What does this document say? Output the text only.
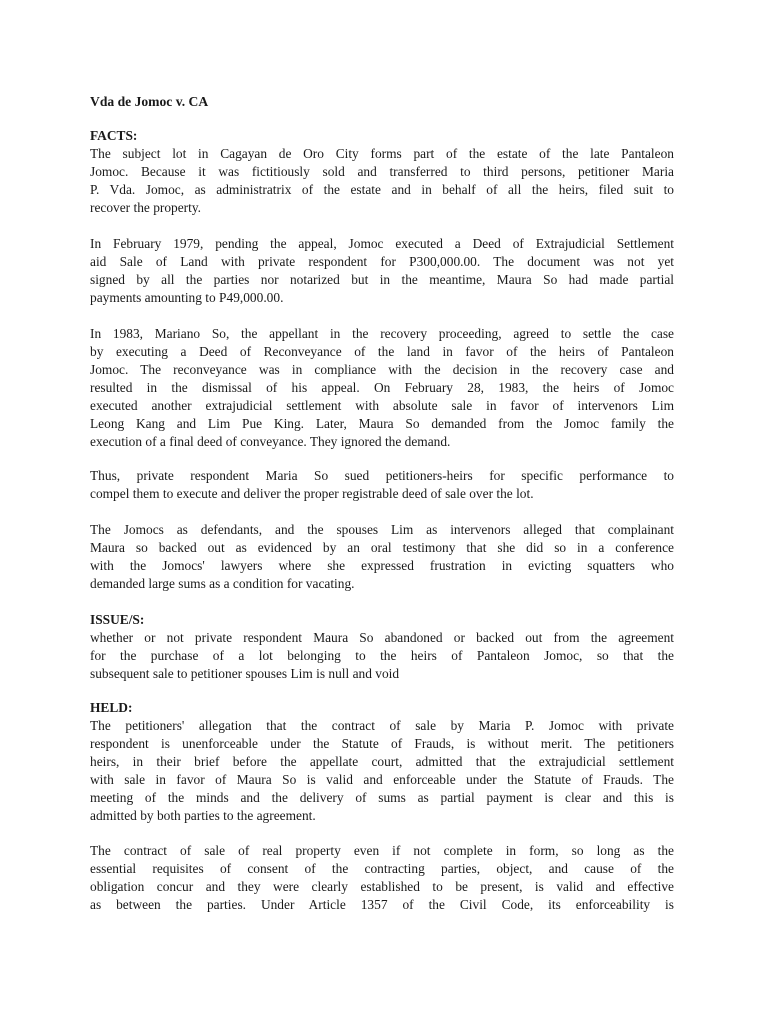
Vda de Jomoc v. CA
FACTS:
The subject lot in Cagayan de Oro City forms part of the estate of the late Pantaleon
Jomoc. Because it was fictitiously sold and transferred to third persons, petitioner Maria
P. Vda. Jomoc, as administratrix of the estate and in behalf of all the heirs, filed suit to
recover the property.
In February 1979, pending the appeal, Jomoc executed a Deed of Extrajudicial Settlement
aid Sale of Land with private respondent for P300,000.00. The document was not yet
signed by all the parties nor notarized but in the meantime, Maura So had made partial
payments amounting to P49,000.00.
In 1983, Mariano So, the appellant in the recovery proceeding, agreed to settle the case
by executing a Deed of Reconveyance of the land in favor of the heirs of Pantaleon
Jomoc. The reconveyance was in compliance with the decision in the recovery case and
resulted in the dismissal of his appeal. On February 28, 1983, the heirs of Jomoc
executed another extrajudicial settlement with absolute sale in favor of intervenors Lim
Leong Kang and Lim Pue King. Later, Maura So demanded from the Jomoc family the
execution of a final deed of conveyance. They ignored the demand.
Thus, private respondent Maria So sued petitioners-heirs for specific performance to
compel them to execute and deliver the proper registrable deed of sale over the lot.
The Jomocs as defendants, and the spouses Lim as intervenors alleged that complainant
Maura so backed out as evidenced by an oral testimony that she did so in a conference
with the Jomocs' lawyers where she expressed frustration in evicting squatters who
demanded large sums as a condition for vacating.
ISSUE/S:
whether or not private respondent Maura So abandoned or backed out from the agreement
for the purchase of a lot belonging to the heirs of Pantaleon Jomoc, so that the
subsequent sale to petitioner spouses Lim is null and void
HELD:
The petitioners' allegation that the contract of sale by Maria P. Jomoc with private
respondent is unenforceable under the Statute of Frauds, is without merit. The petitioners
heirs, in their brief before the appellate court, admitted that the extrajudicial settlement
with sale in favor of Maura So is valid and enforceable under the Statute of Frauds. The
meeting of the minds and the delivery of sums as partial payment is clear and this is
admitted by both parties to the agreement.
The contract of sale of real property even if not complete in form, so long as the
essential requisites of consent of the contracting parties, object, and cause of the
obligation concur and they were clearly established to be present, is valid and effective
as between the parties. Under Article 1357 of the Civil Code, its enforceability is
